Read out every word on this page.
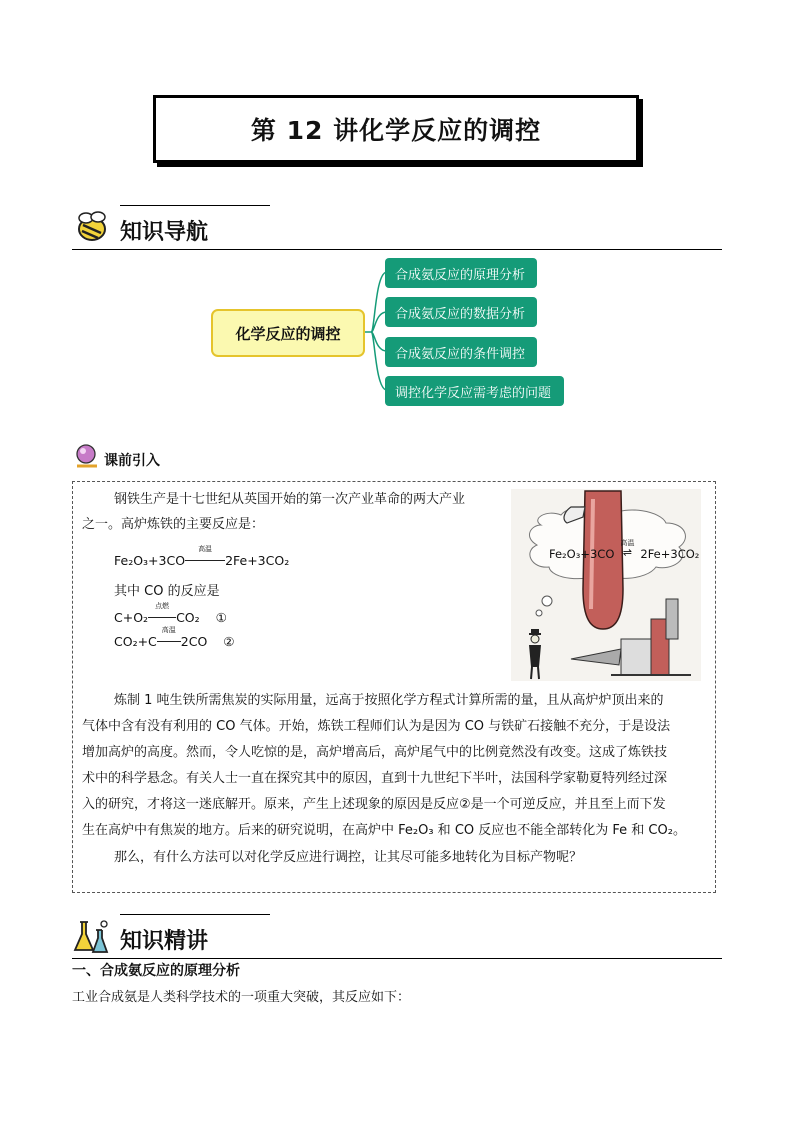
第 12 讲化学反应的调控
知识导航
化学反应的调控
合成氨反应的原理分析
合成氨反应的数据分析
合成氨反应的条件调控
调控化学反应需考虑的问题
课前引入
钢铁生产是十七世纪从英国开始的第一次产业革命的两大产业
之一。高炉炼铁的主要反应是：
Fe₂O₃+3CO
高温
2Fe+3CO₂
其中 CO 的反应是
C+O₂
点燃
CO₂ ①
CO₂+C
高温
2CO ②
Fe₂O₃+3CO
高温
⇌ 2Fe+3CO₂
炼制 1 吨生铁所需焦炭的实际用量，远高于按照化学方程式计算所需的量，且从高炉炉顶出来的
气体中含有没有利用的 CO 气体。开始，炼铁工程师们认为是因为 CO 与铁矿石接触不充分，于是设法
增加高炉的高度。然而，令人吃惊的是，高炉增高后，高炉尾气中的比例竟然没有改变。这成了炼铁技
术中的科学悬念。有关人士一直在探究其中的原因，直到十九世纪下半叶，法国科学家勒夏特列经过深
入的研究，才将这一迷底解开。原来，产生上述现象的原因是反应②是一个可逆反应，并且至上而下发
生在高炉中有焦炭的地方。后来的研究说明，在高炉中 Fe₂O₃ 和 CO 反应也不能全部转化为 Fe 和 CO₂。
那么，有什么方法可以对化学反应进行调控，让其尽可能多地转化为目标产物呢？
知识精讲
一、合成氨反应的原理分析
工业合成氨是人类科学技术的一项重大突破，其反应如下：
